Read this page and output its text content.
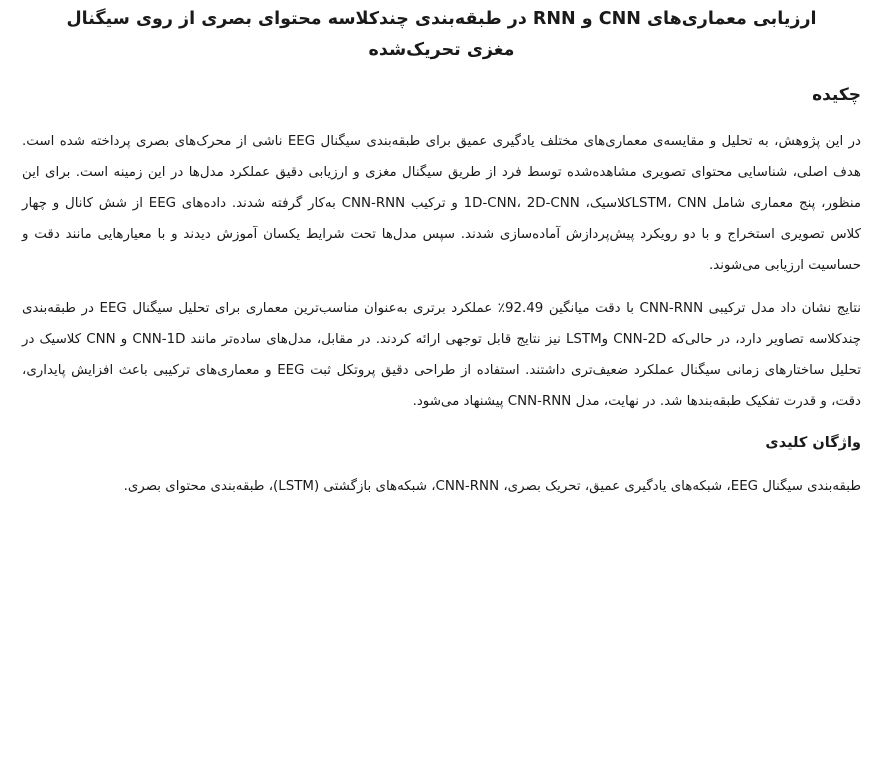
ارزیابی معماری‌های CNN و RNN در طبقه‌بندی چندکلاسه محتوای بصری از روی سیگنال

مغزی تحریک‌شده

چکیده

در این پژوهش، به تحلیل و مقایسه‌ی معماری‌های مختلف یادگیری عمیق برای طبقه‌بندی سیگنال EEG ناشی از محرک‌های بصری پرداخته شده است. هدف اصلی، شناسایی محتوای تصویری مشاهده‌شده توسط فرد از طریق سیگنال مغزی و ارزیابی دقیق عملکرد مدل‌ها در این زمینه است. برای این منظور، پنج معماری شامل LSTM، CNNکلاسیک، 1D-CNN، 2D-CNN و ترکیب CNN-RNN به‌کار گرفته شدند. داده‌های EEG از شش کانال و چهار کلاس تصویری استخراج و با دو رویکرد پیش‌پردازش آماده‌سازی شدند. سپس مدل‌ها تحت شرایط یکسان آموزش دیدند و با معیارهایی مانند دقت و حساسیت ارزیابی می‌شوند.

نتایج نشان داد مدل ترکیبی CNN-RNN با دقت میانگین 92.49٪ عملکرد برتری به‌عنوان مناسب‌ترین معماری برای تحلیل سیگنال EEG در طبقه‌بندی چندکلاسه تصاویر دارد، در حالی‌که CNN-2D وLSTM نیز نتایج قابل توجهی ارائه کردند. در مقابل، مدل‌های ساده‌تر مانند CNN-1D و CNN کلاسیک در تحلیل ساختارهای زمانی سیگنال عملکرد ضعیف‌تری داشتند. استفاده از طراحی دقیق پروتکل ثبت EEG و معماری‌های ترکیبی باعث افزایش پایداری، دقت، و قدرت تفکیک طبقه‌بندها شد. در نهایت، مدل CNN-RNN پیشنهاد می‌شود.

واژگان کلیدی

طبقه‌بندی سیگنال EEG، شبکه‌های یادگیری عمیق، تحریک بصری، CNN-RNN، شبکه‌های بازگشتی (LSTM)، طبقه‌بندی محتوای بصری.
